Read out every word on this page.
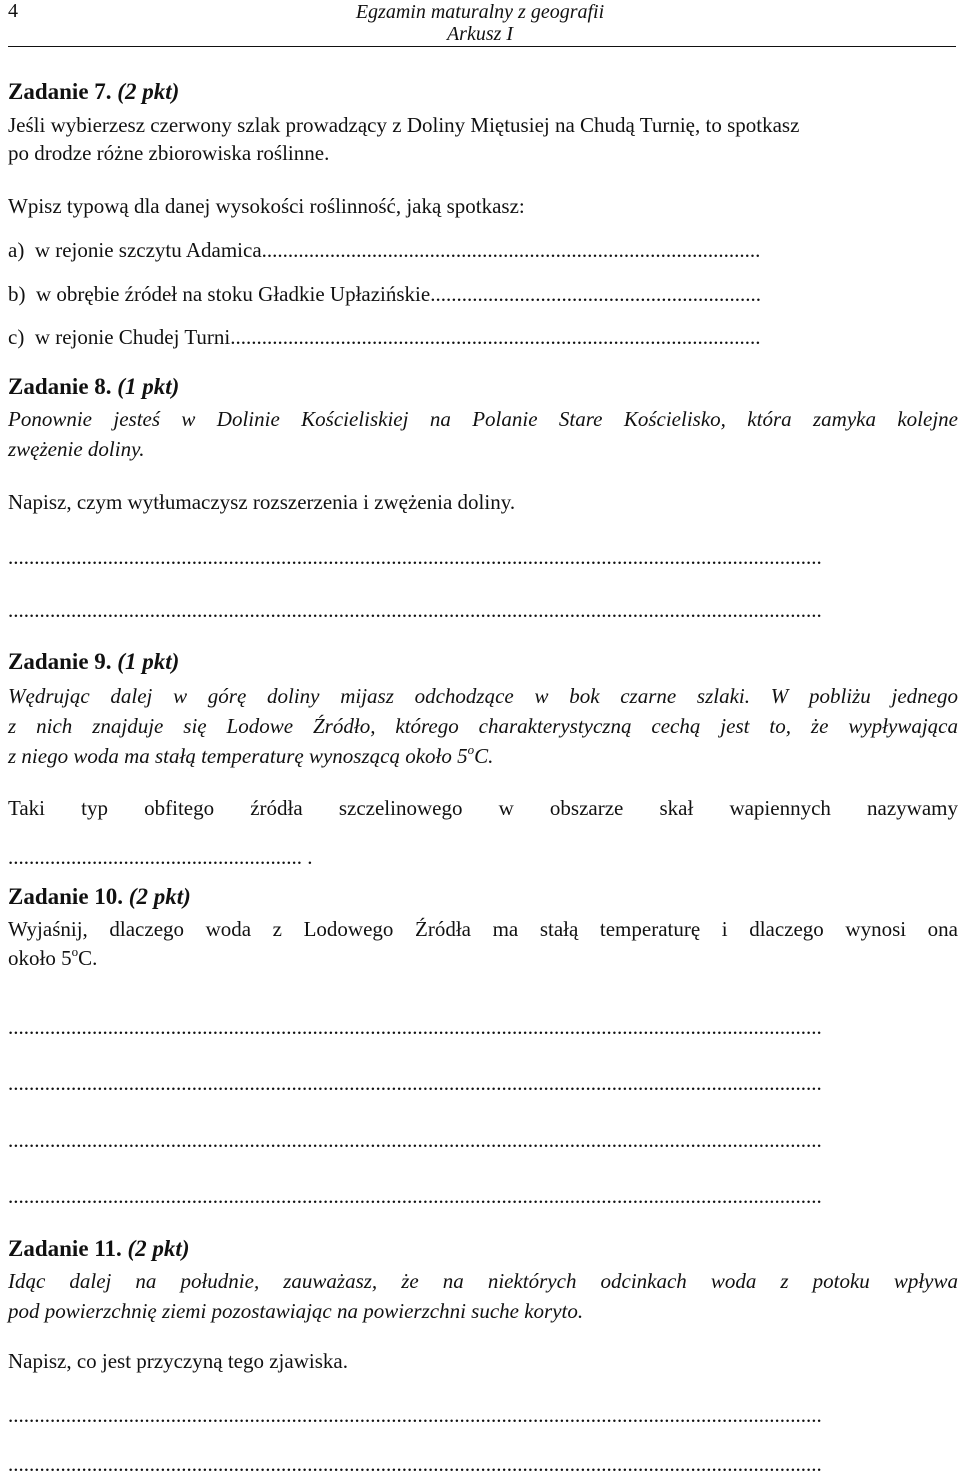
4	Egzamin maturalny z geografii
Arkusz I
Zadanie 7. (2 pkt)
Jeśli wybierzesz czerwony szlak prowadzący z Doliny Miętusiej na Chudą Turnię, to spotkasz
po drodze różne zbiorowiska roślinne.
Wpisz typową dla danej wysokości roślinność, jaką spotkasz:
a) w rejonie szczytu Adamica...............................................................................................
b) w obrębie źródeł na stoku Gładkie Upłazińskie...............................................................
c) w rejonie Chudej Turni.....................................................................................................
Zadanie 8. (1 pkt)
Ponownie jesteś w Dolinie Kościeliskiej na Polanie Stare Kościelisko, która zamyka kolejne
zwężenie doliny.
Napisz, czym wytłumaczysz rozszerzenia i zwężenia doliny.
...........................................................................................................................................................
...........................................................................................................................................................
Zadanie 9. (1 pkt)
Wędrując dalej w górę doliny mijasz odchodzące w bok czarne szlaki. W pobliżu jednego
z nich znajduje się Lodowe Źródło, którego charakterystyczną cechą jest to, że wypływająca
z niego woda ma stałą temperaturę wynoszącą około 5$^o$C.
Taki typ obfitego źródła szczelinowego w obszarze skał wapiennych nazywamy
........................................................ .
Zadanie 10. (2 pkt)
Wyjaśnij, dlaczego woda z Lodowego Źródła ma stałą temperaturę i dlaczego wynosi ona
około 5$^o$C.
...........................................................................................................................................................
...........................................................................................................................................................
...........................................................................................................................................................
...........................................................................................................................................................
Zadanie 11. (2 pkt)
Idąc dalej na południe, zauważasz, że na niektórych odcinkach woda z potoku wpływa
pod powierzchnię ziemi pozostawiając na powierzchni suche koryto.
Napisz, co jest przyczyną tego zjawiska.
...........................................................................................................................................................
...........................................................................................................................................................
